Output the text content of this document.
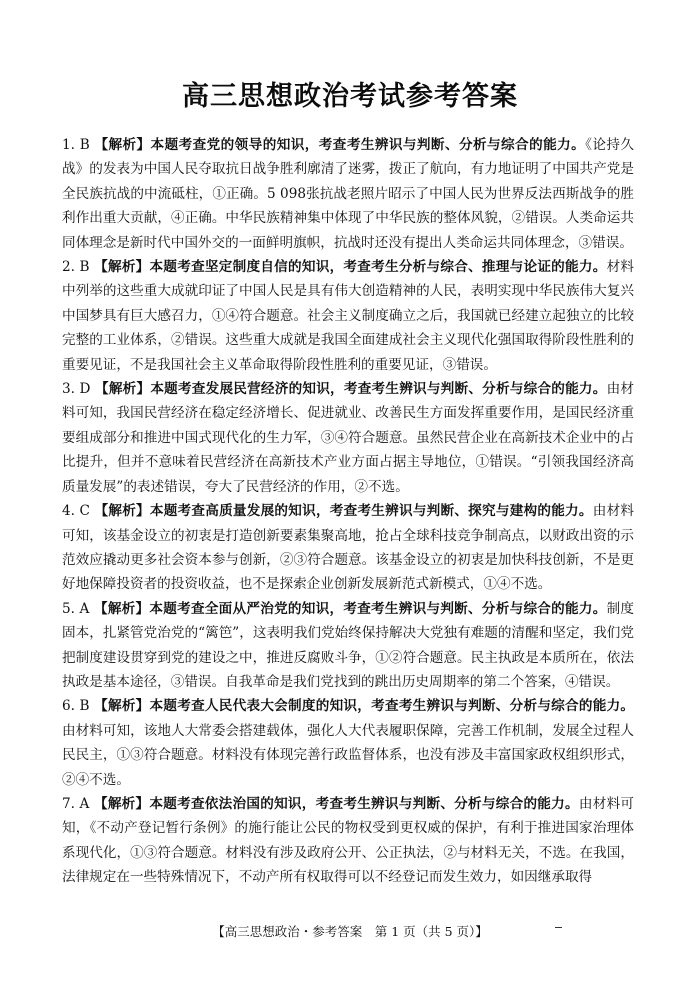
高三思想政治考试参考答案

1. B 【解析】本题考查党的领导的知识，考查考生辨识与判断、分析与综合的能力。《论持久战》的发表为中国人民夺取抗日战争胜利廓清了迷雾，拨正了航向，有力地证明了中国共产党是全民族抗战的中流砥柱，①正确。5 098张抗战老照片昭示了中国人民为世界反法西斯战争的胜利作出重大贡献，④正确。中华民族精神集中体现了中华民族的整体风貌，②错误。人类命运共同体理念是新时代中国外交的一面鲜明旗帜，抗战时还没有提出人类命运共同体理念，③错误。

2. B 【解析】本题考查坚定制度自信的知识，考查考生分析与综合、推理与论证的能力。材料中列举的这些重大成就印证了中国人民是具有伟大创造精神的人民，表明实现中华民族伟大复兴中国梦具有巨大感召力，①④符合题意。社会主义制度确立之后，我国就已经建立起独立的比较完整的工业体系，②错误。这些重大成就是我国全面建成社会主义现代化强国取得阶段性胜利的重要见证，不是我国社会主义革命取得阶段性胜利的重要见证，③错误。

3. D 【解析】本题考查发展民营经济的知识，考查考生辨识与判断、分析与综合的能力。由材料可知，我国民营经济在稳定经济增长、促进就业、改善民生方面发挥重要作用，是国民经济重要组成部分和推进中国式现代化的生力军，③④符合题意。虽然民营企业在高新技术企业中的占比提升，但并不意味着民营经济在高新技术产业方面占据主导地位，①错误。“引领我国经济高质量发展”的表述错误，夸大了民营经济的作用，②不选。

4. C 【解析】本题考查高质量发展的知识，考查考生辨识与判断、探究与建构的能力。由材料可知，该基金设立的初衷是打造创新要素集聚高地，抢占全球科技竞争制高点，以财政出资的示范效应撬动更多社会资本参与创新，②③符合题意。该基金设立的初衷是加快科技创新，不是更好地保障投资者的投资收益，也不是探索企业创新发展新范式新模式，①④不选。

5. A 【解析】本题考查全面从严治党的知识，考查考生辨识与判断、分析与综合的能力。制度固本，扎紧管党治党的“篱笆”，这表明我们党始终保持解决大党独有难题的清醒和坚定，我们党把制度建设贯穿到党的建设之中，推进反腐败斗争，①②符合题意。民主执政是本质所在，依法执政是基本途径，③错误。自我革命是我们党找到的跳出历史周期率的第二个答案，④错误。

6. B 【解析】本题考查人民代表大会制度的知识，考查考生辨识与判断、分析与综合的能力。由材料可知，该地人大常委会搭建载体，强化人大代表履职保障，完善工作机制，发展全过程人民民主，①③符合题意。材料没有体现完善行政监督体系，也没有涉及丰富国家政权组织形式，②④不选。

7. A 【解析】本题考查依法治国的知识，考查考生辨识与判断、分析与综合的能力。由材料可知，《不动产登记暂行条例》的施行能让公民的物权受到更权威的保护，有利于推进国家治理体系现代化，①③符合题意。材料没有涉及政府公开、公正执法，②与材料无关，不选。在我国，法律规定在一些特殊情况下，不动产所有权取得可以不经登记而发生效力，如因继承取得

【高三思想政治・参考答案　第 1 页（共 5 页）】
